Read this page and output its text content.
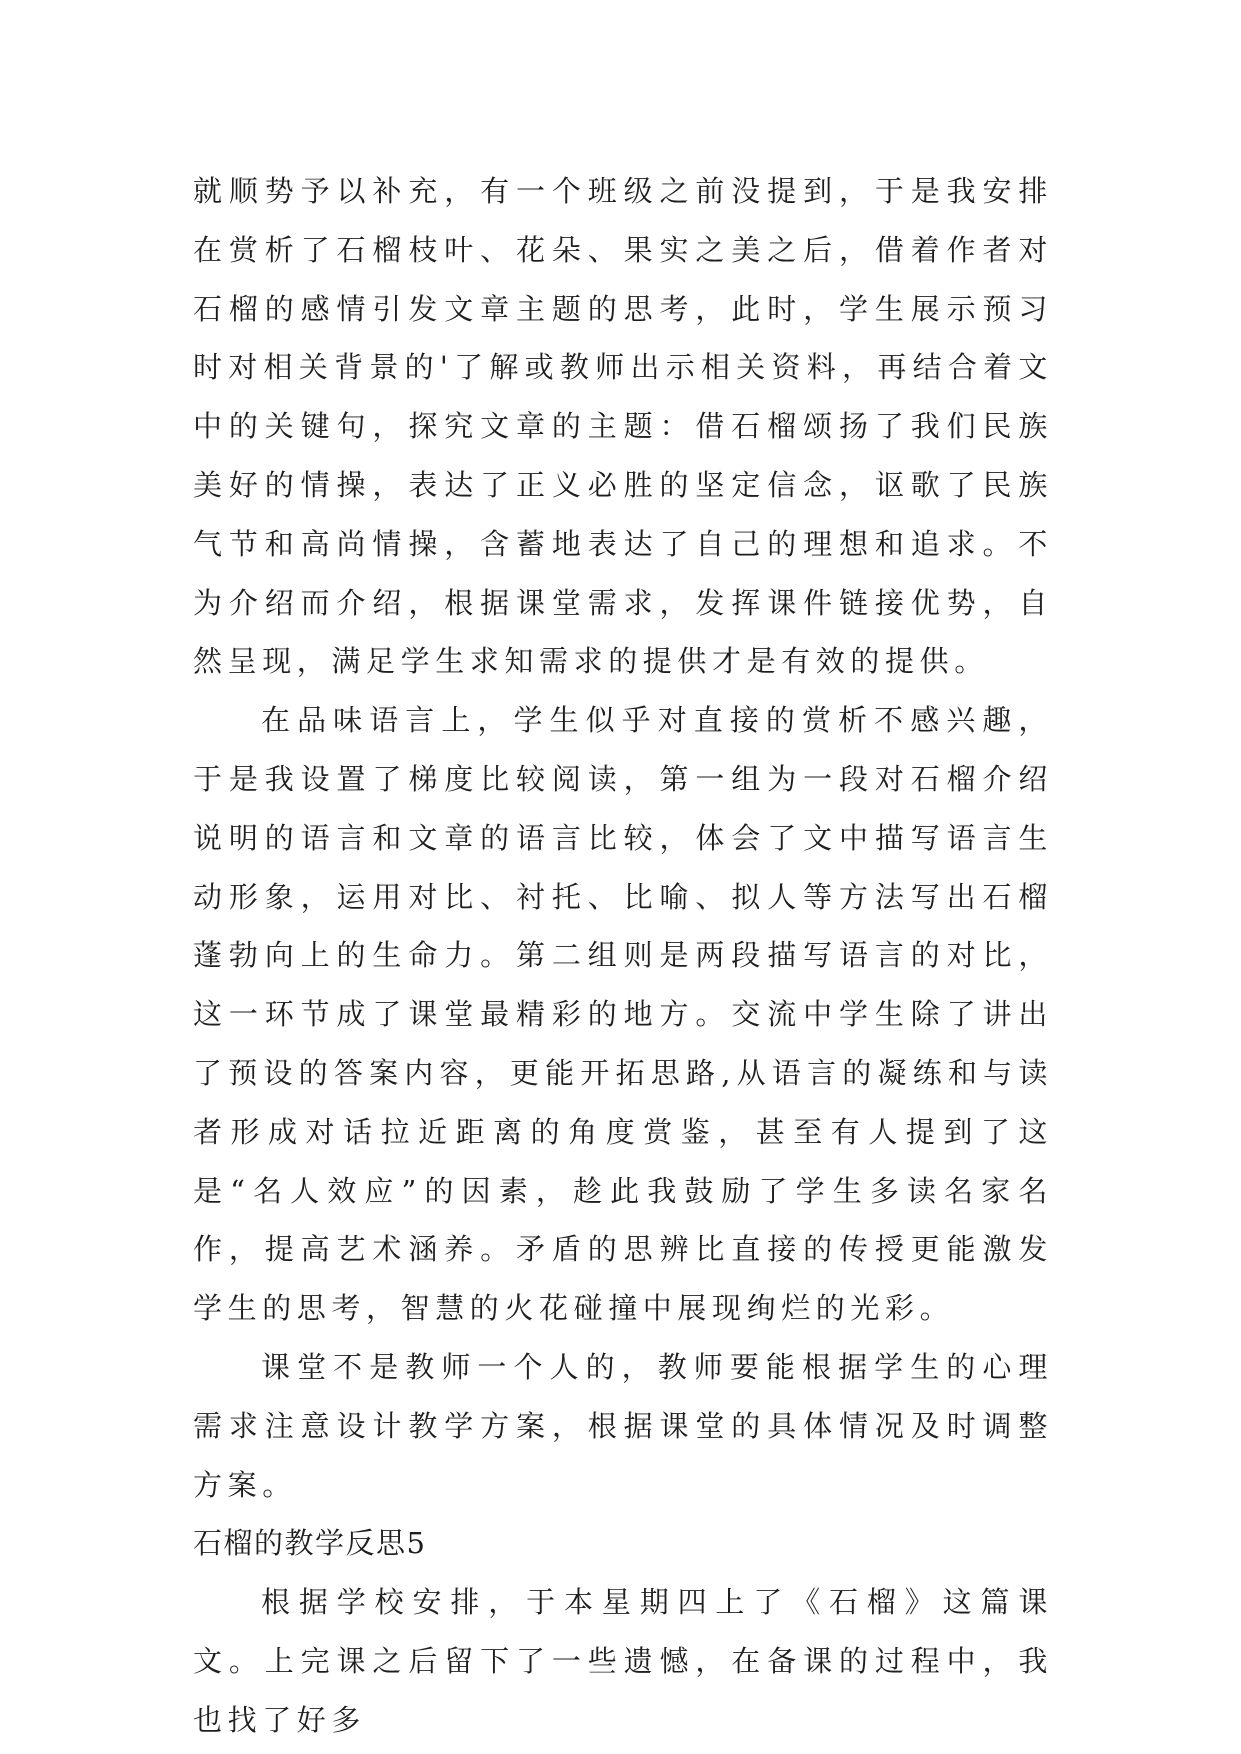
就顺势予以补充，有一个班级之前没提到，于是我安排在赏析了石榴枝叶、花朵、果实之美之后，借着作者对石榴的感情引发文章主题的思考，此时，学生展示预习时对相关背景的'了解或教师出示相关资料，再结合着文中的关键句，探究文章的主题：借石榴颂扬了我们民族美好的情操，表达了正义必胜的坚定信念，讴歌了民族气节和高尚情操，含蓄地表达了自己的理想和追求。不为介绍而介绍，根据课堂需求，发挥课件链接优势，自然呈现，满足学生求知需求的提供才是有效的提供。

在品味语言上，学生似乎对直接的赏析不感兴趣，于是我设置了梯度比较阅读，第一组为一段对石榴介绍说明的语言和文章的语言比较，体会了文中描写语言生动形象，运用对比、衬托、比喻、拟人等方法写出石榴蓬勃向上的生命力。第二组则是两段描写语言的对比，这一环节成了课堂最精彩的地方。交流中学生除了讲出了预设的答案内容，更能开拓思路,从语言的凝练和与读者形成对话拉近距离的角度赏鉴，甚至有人提到了这是“名人效应”的因素，趁此我鼓励了学生多读名家名作，提高艺术涵养。矛盾的思辨比直接的传授更能激发学生的思考，智慧的火花碰撞中展现绚烂的光彩。

课堂不是教师一个人的，教师要能根据学生的心理需求注意设计教学方案，根据课堂的具体情况及时调整方案。

石榴的教学反思5

根据学校安排，于本星期四上了《石榴》这篇课文。上完课之后留下了一些遗憾，在备课的过程中，我也找了好多
